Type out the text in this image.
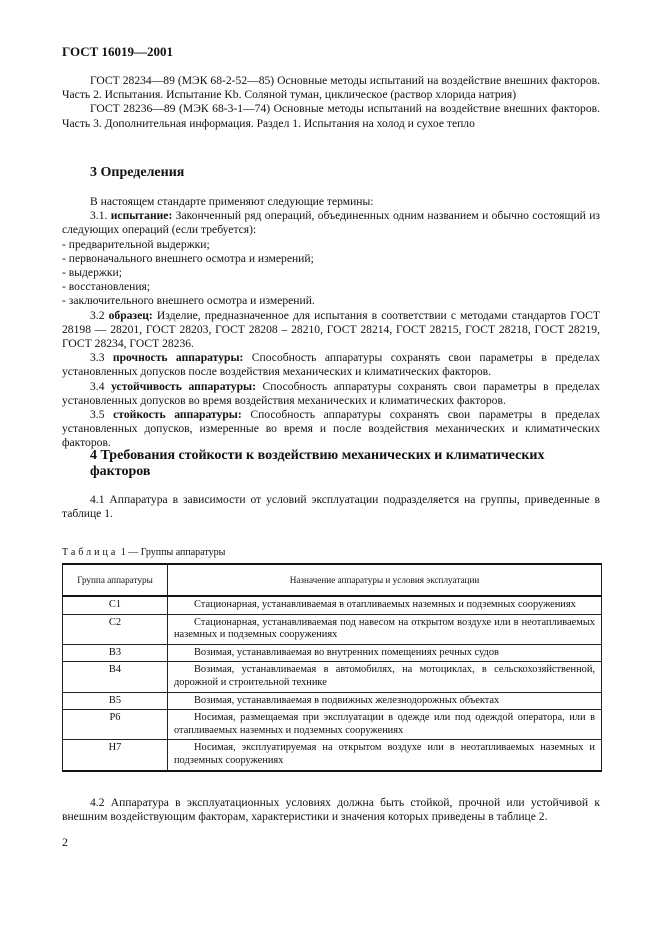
ГОСТ 16019—2001

ГОСТ 28234—89 (МЭК 68-2-52—85) Основные методы испытаний на воздействие внешних факторов. Часть 2. Испытания. Испытание Kb. Соляной туман, циклическое (раствор хлорида натрия)

ГОСТ 28236—89 (МЭК 68-3-1—74) Основные методы испытаний на воздействие внешних факторов. Часть 3. Дополнительная информация. Раздел 1. Испытания на холод и сухое тепло

3 Определения

В настоящем стандарте применяют следующие термины:

3.1. испытание: Законченный ряд операций, объединенных одним названием и обычно состоящий из следующих операций (если требуется):

- предварительной выдержки;

- первоначального внешнего осмотра и измерений;

- выдержки;

- восстановления;

- заключительного внешнего осмотра и измерений.

3.2 образец: Изделие, предназначенное для испытания в соответствии с методами стандартов ГОСТ 28198 — 28201, ГОСТ 28203, ГОСТ 28208 – 28210, ГОСТ 28214, ГОСТ 28215, ГОСТ 28218, ГОСТ 28219, ГОСТ 28234, ГОСТ 28236.

3.3 прочность аппаратуры: Способность аппаратуры сохранять свои параметры в пределах установленных допусков после воздействия механических и климатических факторов.

3.4 устойчивость аппаратуры: Способность аппаратуры сохранять свои параметры в пределах установленных допусков во время воздействия механических и климатических факторов.

3.5 стойкость аппаратуры: Способность аппаратуры сохранять свои параметры в пределах установленных допусков, измеренные во время и после воздействия механических и климатических факторов.

4 Требования стойкости к воздействию механических и климатических факторов

4.1 Аппаратура в зависимости от условий эксплуатации подразделяется на группы, приведенные в таблице 1.

Таблица 1 — Группы аппаратуры
Группа аппаратуры	Назначение аппаратуры и условия эксплуатации
С1	Стационарная, устанавливаемая в отапливаемых наземных и подземных сооружениях
С2	Стационарная, устанавливаемая под навесом на открытом воздухе или в неотапливаемых наземных и подземных сооружениях
В3	Возимая, устанавливаемая во внутренних помещениях речных судов
В4	Возимая, устанавливаемая в автомобилях, на мотоциклах, в сельскохозяйственной, дорожной и строительной технике
В5	Возимая, устанавливаемая в подвижных железнодорожных объектах
Р6	Носимая, размещаемая при эксплуатации в одежде или под одеждой оператора, или в отапливаемых наземных и подземных сооружениях
Н7	Носимая, эксплуатируемая на открытом воздухе или в неотапливаемых наземных и подземных сооружениях

4.2 Аппаратура в эксплуатационных условиях должна быть стойкой, прочной или устойчивой к внешним воздействующим факторам, характеристики и значения которых приведены в таблице 2.

2
